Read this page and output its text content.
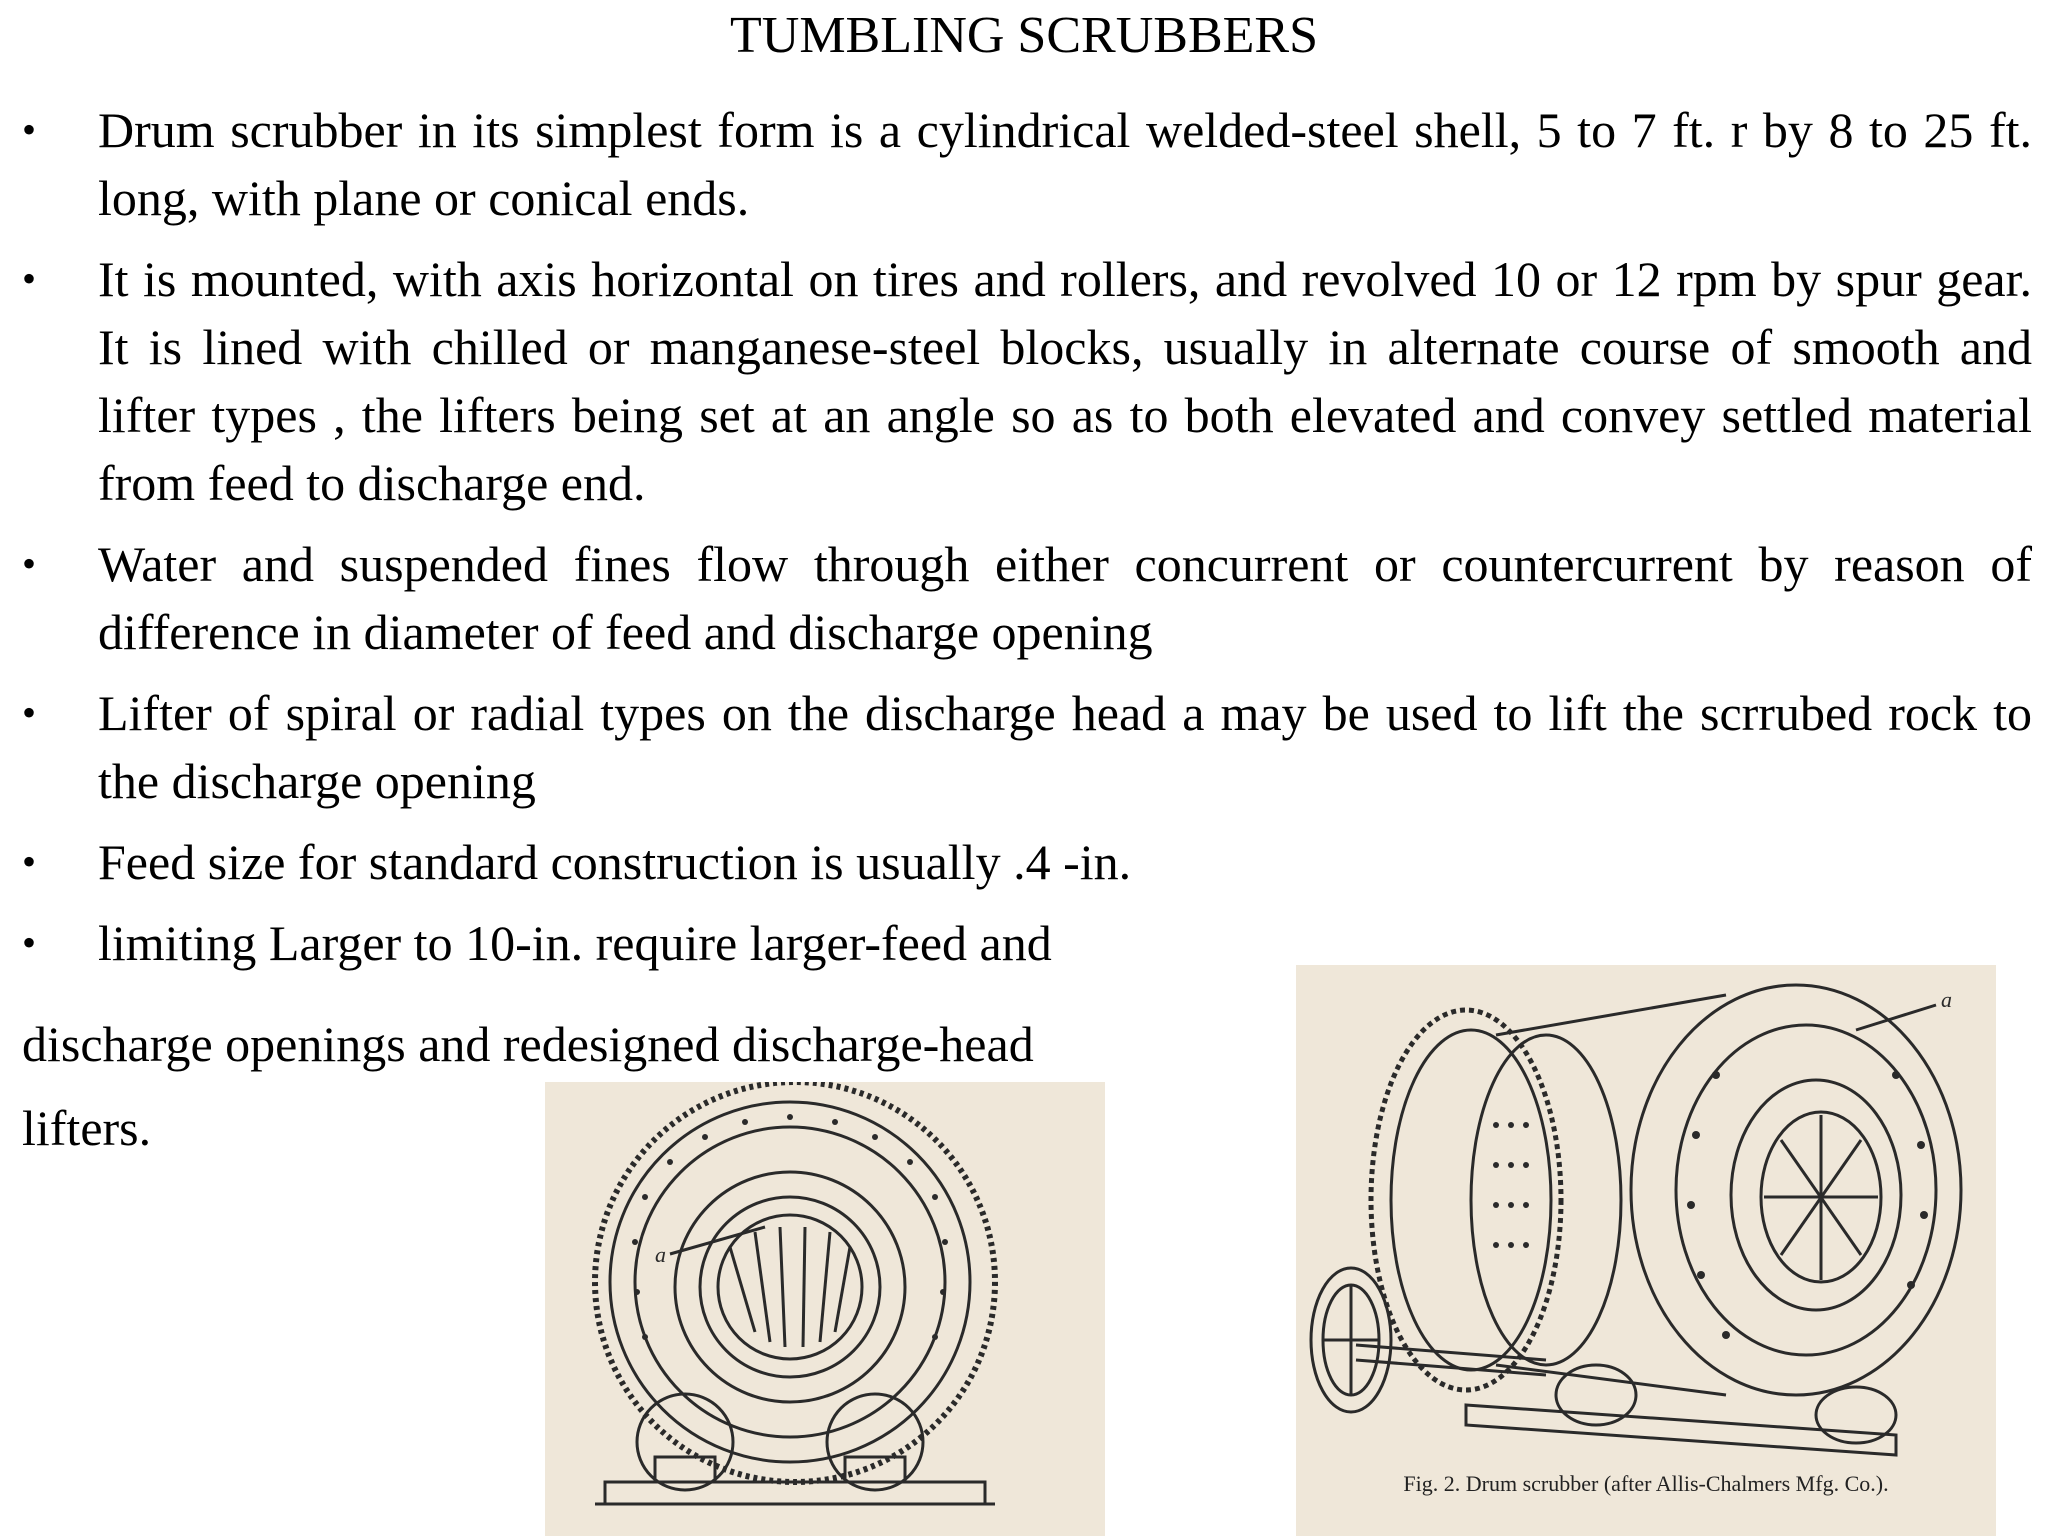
TUMBLING SCRUBBERS
• Drum scrubber in its simplest form is a cylindrical welded-steel shell, 5 to 7 ft. r by 8 to 25 ft. long, with plane or conical ends.
• It is mounted, with axis horizontal on tires and rollers, and revolved 10 or 12 rpm by spur gear. It is lined with chilled or manganese-steel blocks, usually in alternate course of smooth and lifter types , the lifters being set at an angle so as to both elevated and convey settled material from feed to discharge end.
• Water and suspended fines flow through either concurrent or countercurrent by reason of difference in diameter of feed and discharge opening
• Lifter of spiral or radial types on the discharge head a may be used to lift the scrrubed rock to the discharge opening
• Feed size for standard construction is usually .4 -in.
• limiting Larger to 10-in. require larger-feed and
discharge openings and redesigned discharge-head
lifters.
a
a
Fig. 2. Drum scrubber (after Allis-Chalmers Mfg. Co.).
